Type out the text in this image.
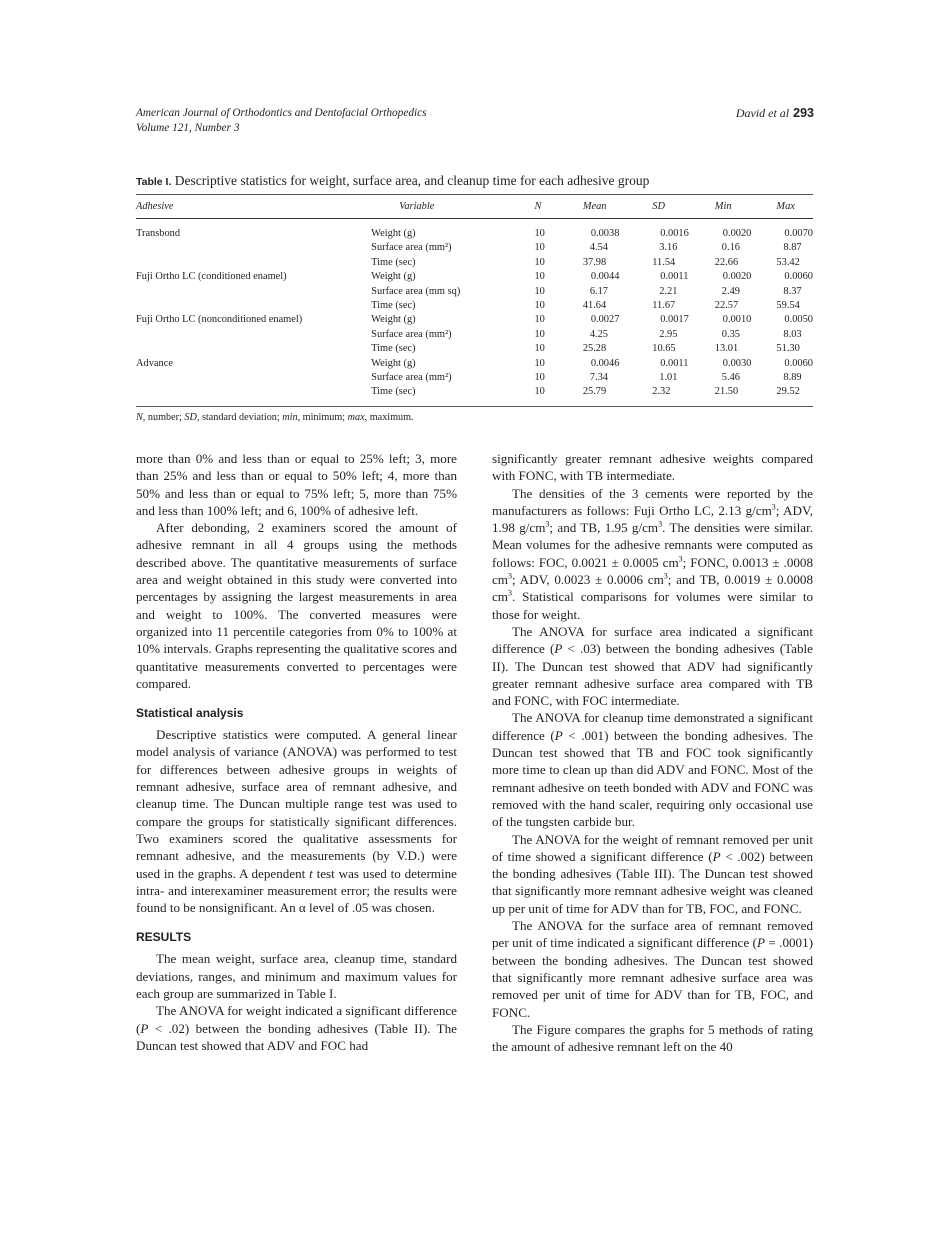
American Journal of Orthodontics and Dentofacial Orthopedics
Volume 121, Number 3
David et al 293
Table I. Descriptive statistics for weight, surface area, and cleanup time for each adhesive group
Adhesive	Variable	N	Mean	SD	Min	Max
Transbond	Weight (g)	10	0.0038	0.0016	0.0020	0.0070
	Surface area (mm²)	10	4.54	3.16	0.16	8.87
	Time (sec)	10	37.98	11.54	22.66	53.42
Fuji Ortho LC (conditioned enamel)	Weight (g)	10	0.0044	0.0011	0.0020	0.0060
	Surface area (mm sq)	10	6.17	2.21	2.49	8.37
	Time (sec)	10	41.64	11.67	22.57	59.54
Fuji Ortho LC (nonconditioned enamel)	Weight (g)	10	0.0027	0.0017	0.0010	0.0050
	Surface area (mm²)	10	4.25	2.95	0.35	8.03
	Time (sec)	10	25.28	10.65	13.01	51.30
Advance	Weight (g)	10	0.0046	0.0011	0.0030	0.0060
	Surface area (mm²)	10	7.34	1.01	5.46	8.89
	Time (sec)	10	25.79	2.32	21.50	29.52
N, number; SD, standard deviation; min, minimum; max, maximum.

more than 0% and less than or equal to 25% left; 3, more than 25% and less than or equal to 50% left; 4, more than 50% and less than or equal to 75% left; 5, more than 75% and less than 100% left; and 6, 100% of adhesive left.

After debonding, 2 examiners scored the amount of adhesive remnant in all 4 groups using the methods described above. The quantitative measurements of surface area and weight obtained in this study were converted into percentages by assigning the largest measurements in area and weight to 100%. The converted measures were organized into 11 percentile categories from 0% to 100% at 10% intervals. Graphs representing the qualitative scores and quantitative measurements converted to percentages were compared.

Statistical analysis

Descriptive statistics were computed. A general linear model analysis of variance (ANOVA) was performed to test for differences between adhesive groups in weights of remnant adhesive, surface area of remnant adhesive, and cleanup time. The Duncan multiple range test was used to compare the groups for statistically significant differences. Two examiners scored the qualitative assessments for remnant adhesive, and the measurements (by V.D.) were used in the graphs. A dependent t test was used to determine intra- and interexaminer measurement error; the results were found to be nonsignificant. An α level of .05 was chosen.

RESULTS

The mean weight, surface area, cleanup time, standard deviations, ranges, and minimum and maximum values for each group are summarized in Table I.

The ANOVA for weight indicated a significant difference (P < .02) between the bonding adhesives (Table II). The Duncan test showed that ADV and FOC had

significantly greater remnant adhesive weights compared with FONC, with TB intermediate.

The densities of the 3 cements were reported by the manufacturers as follows: Fuji Ortho LC, 2.13 $g/cm^3$; ADV, 1.98 $g/cm^3$; and TB, 1.95 $g/cm^3$. The densities were similar. Mean volumes for the adhesive remnants were computed as follows: FOC, 0.0021 ± 0.0005 $cm^3$; FONC, 0.0013 ± .0008 $cm^3$; ADV, 0.0023 ± 0.0006 $cm^3$; and TB, 0.0019 ± 0.0008 $cm^3$. Statistical comparisons for volumes were similar to those for weight.

The ANOVA for surface area indicated a significant difference (P < .03) between the bonding adhesives (Table II). The Duncan test showed that ADV had significantly greater remnant adhesive surface area compared with TB and FONC, with FOC intermediate.

The ANOVA for cleanup time demonstrated a significant difference (P < .001) between the bonding adhesives. The Duncan test showed that TB and FOC took significantly more time to clean up than did ADV and FONC. Most of the remnant adhesive on teeth bonded with ADV and FONC was removed with the hand scaler, requiring only occasional use of the tungsten carbide bur.

The ANOVA for the weight of remnant removed per unit of time showed a significant difference (P < .002) between the bonding adhesives (Table III). The Duncan test showed that significantly more remnant adhesive weight was cleaned up per unit of time for ADV than for TB, FOC, and FONC.

The ANOVA for the surface area of remnant removed per unit of time indicated a significant difference (P = .0001) between the bonding adhesives. The Duncan test showed that significantly more remnant adhesive surface area was removed per unit of time for ADV than for TB, FOC, and FONC.

The Figure compares the graphs for 5 methods of rating the amount of adhesive remnant left on the 40
